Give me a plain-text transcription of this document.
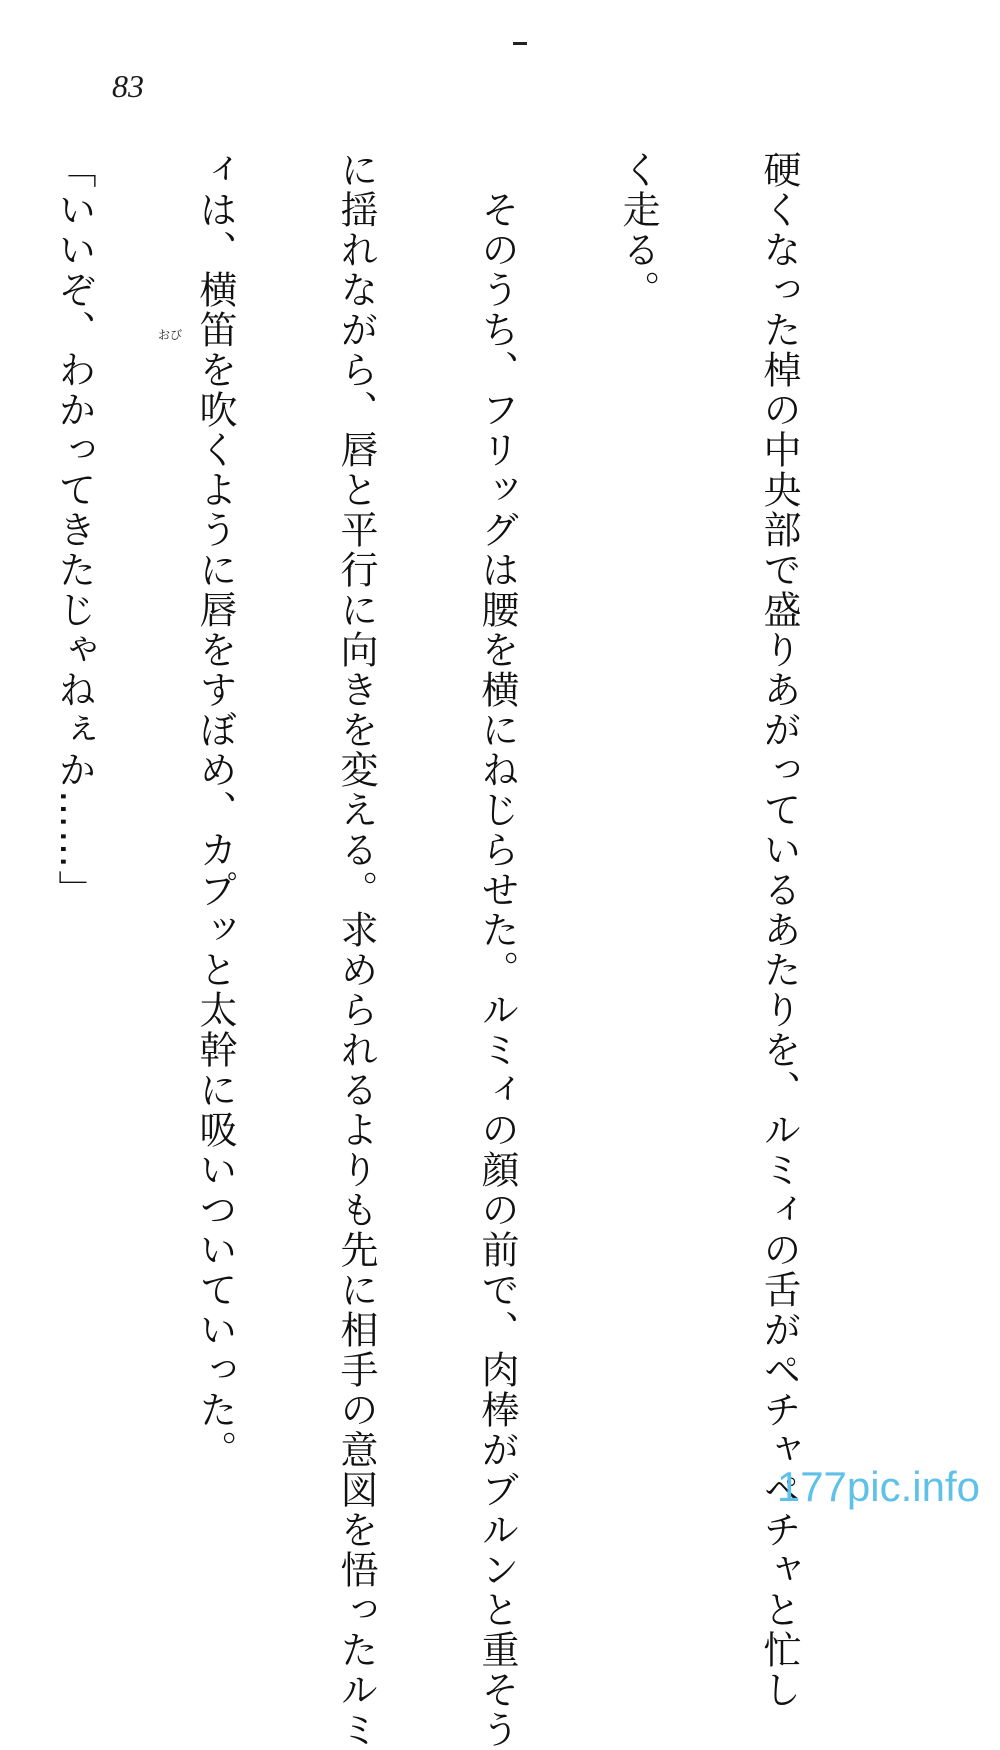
83

硬くなった棹の中央部で盛りあがっているあたりを、ルミィの舌がペチャペチャと忙し

く走る。

　そのうち、フリッグは腰を横にねじらせた。ルミィの顔の前で、肉棒がブルンと重そう

に揺れながら、唇と平行に向きを変える。求められるよりも先に相手の意図を悟ったルミ

ィは、横笛を吹くように唇をすぼめ、カプッと太幹に吸いついていった。

「いいぞ、わかってきたじゃねぇか……」

	おび
177pic.info
